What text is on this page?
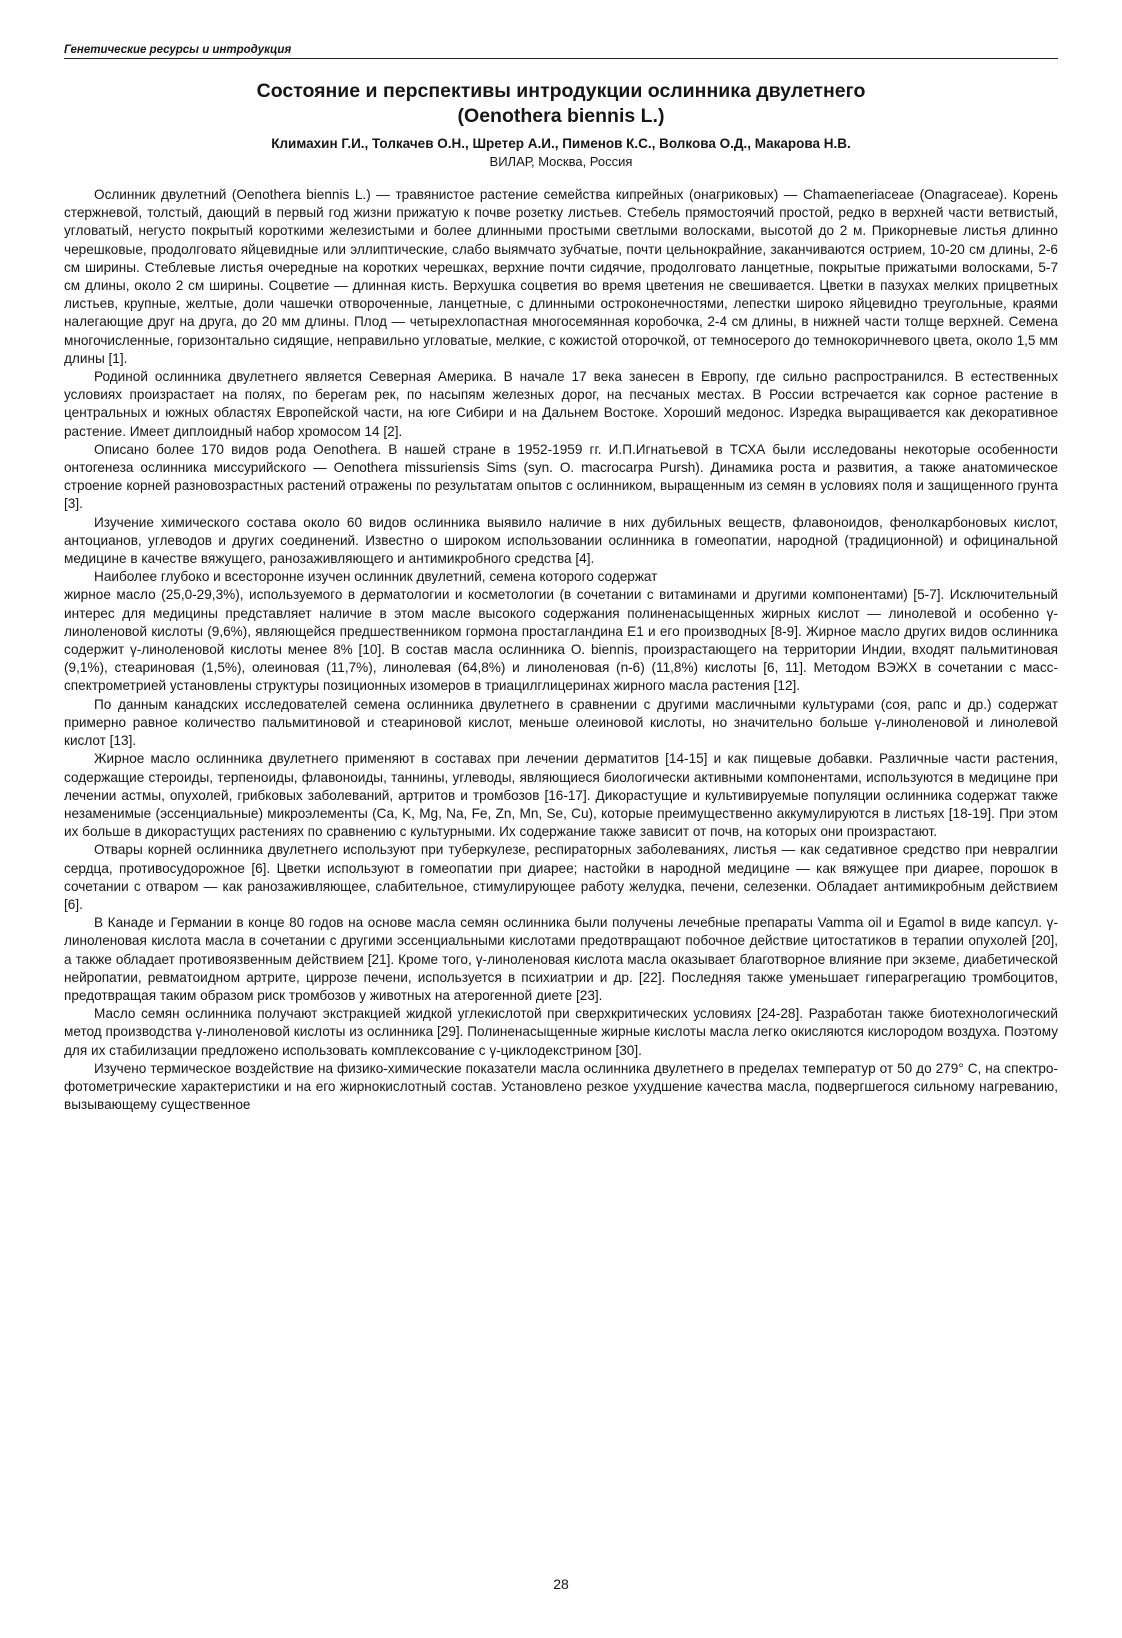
Генетические ресурсы и интродукция
Состояние и перспективы интродукции ослинника двулетнего
(Oenothera biennis L.)
Климахин Г.И., Толкачев О.Н., Шретер А.И., Пименов К.С., Волкова О.Д., Макарова Н.В.
ВИЛАР, Москва, Россия

Ослинник двулетний (Oenothera biennis L.) — травянистое растение семейства кипрейных (онагриковых) — Chamaeneriaceae (Onagraceae). Корень стержневой, толстый, дающий в первый год жизни прижатую к почве розетку листьев. Стебель прямостоячий простой, редко в верхней части ветвистый, угловатый, негусто покрытый короткими железистыми и более длинными простыми светлыми волосками, высотой до 2 м. Прикорневые листья длинно черешковые, продолговато яйцевидные или эллиптические, слабо выямчато зубчатые, почти цельнокрайние, заканчиваются острием, 10-20 см длины, 2-6 см ширины. Стеблевые листья очередные на коротких черешках, верхние почти сидячие, продолговато ланцетные, покрытые прижатыми волосками, 5-7 см длины, около 2 см ширины. Соцветие — длинная кисть. Верхушка соцветия во время цветения не свешивается. Цветки в пазухах мелких прицветных листьев, крупные, желтые, доли чашечки отвороченные, ланцетные, с длинными остроконечностями, лепестки широко яйцевидно треугольные, краями налегающие друг на друга, до 20 мм длины. Плод — четырехлопастная многосемянная коробочка, 2-4 см длины, в нижней части толще верхней. Семена многочисленные, горизонтально сидящие, неправильно угловатые, мелкие, с кожистой оторочкой, от темносерого до темнокоричневого цвета, около 1,5 мм длины [1].

Родиной ослинника двулетнего является Северная Америка. В начале 17 века занесен в Европу, где сильно распространился. В естественных условиях произрастает на полях, по берегам рек, по насыпям железных дорог, на песчаных местах. В России встречается как сорное растение в центральных и южных областях Европейской части, на юге Сибири и на Дальнем Востоке. Хороший медонос. Изредка выращивается как декоративное растение. Имеет диплоидный набор хромосом 14 [2].

Описано более 170 видов рода Oenothera. В нашей стране в 1952-1959 гг. И.П.Игнатьевой в ТСХА были исследованы некоторые особенности онтогенеза ослинника миссурийского — Oenothera missuriensis Sims (syn. O. macrocarpa Pursh). Динамика роста и развития, а также анатомическое строение корней разновозрастных растений отражены по результатам опытов с ослинником, выращенным из семян в условиях поля и защищенного грунта [3].

Изучение химического состава около 60 видов ослинника выявило наличие в них дубильных веществ, флавоноидов, фенолкарбоновых кислот, антоцианов, углеводов и других соединений. Известно о широком использовании ослинника в гомеопатии, народной (традиционной) и официнальной медицине в качестве вяжущего, ранозаживляющего и антимикробного средства [4].

Наиболее глубоко и всесторонне изучен ослинник двулетний, семена которого содержат

жирное масло (25,0-29,3%), используемого в дерматологии и косметологии (в сочетании с витаминами и другими компонентами) [5-7]. Исключительный интерес для медицины представляет наличие в этом масле высокого содержания полиненасыщенных жирных кислот — линолевой и особенно γ-линоленовой кислоты (9,6%), являющейся предшественником гормона простагландина E1 и его производных [8-9]. Жирное масло других видов ослинника содержит γ-линоленовой кислоты менее 8% [10]. В состав масла ослинника O. biennis, произрастающего на территории Индии, входят пальмитиновая (9,1%), стеариновая (1,5%), олеиновая (11,7%), линолевая (64,8%) и линоленовая (n-6) (11,8%) кислоты [6, 11]. Методом ВЭЖХ в сочетании с масс-спектрометрией установлены структуры позиционных изомеров в триацилглицеринах жирного масла растения [12].

По данным канадских исследователей семена ослинника двулетнего в сравнении с другими масличными культурами (соя, рапс и др.) содержат примерно равное количество пальмитиновой и стеариновой кислот, меньше олеиновой кислоты, но значительно больше γ-линоленовой и линолевой кислот [13].

Жирное масло ослинника двулетнего применяют в составах при лечении дерматитов [14-15] и как пищевые добавки. Различные части растения, содержащие стероиды, терпеноиды, флавоноиды, таннины, углеводы, являющиеся биологически активными компонентами, используются в медицине при лечении астмы, опухолей, грибковых заболеваний, артритов и тромбозов [16-17]. Дикорастущие и культивируемые популяции ослинника содержат также незаменимые (эссенциальные) микроэлементы (Ca, K, Mg, Na, Fe, Zn, Mn, Se, Cu), которые преимущественно аккумулируются в листьях [18-19]. При этом их больше в дикорастущих растениях по сравнению с культурными. Их содержание также зависит от почв, на которых они произрастают.

Отвары корней ослинника двулетнего используют при туберкулезе, респираторных заболеваниях, листья — как седативное средство при невралгии сердца, противосудорожное [6]. Цветки используют в гомеопатии при диарее; настойки в народной медицине — как вяжущее при диарее, порошок в сочетании с отваром — как ранозаживляющее, слабительное, стимулирующее работу желудка, печени, селезенки. Обладает антимикробным действием [6].

В Канаде и Германии в конце 80 годов на основе масла семян ослинника были получены лечебные препараты Vamma oil и Egamol в виде капсул. γ-линоленовая кислота масла в сочетании с другими эссенциальными кислотами предотвращают побочное действие цитостатиков в терапии опухолей [20], а также обладает противоязвенным действием [21]. Кроме того, γ-линоленовая кислота масла оказывает благотворное влияние при экземе, диабетической нейропатии, ревматоидном артрите, циррозе печени, используется в психиатрии и др. [22]. Последняя также уменьшает гиперагрегацию тромбоцитов, предотвращая таким образом риск тромбозов у животных на атерогенной диете [23].

Масло семян ослинника получают экстракцией жидкой углекислотой при сверхкритических условиях [24-28]. Разработан также биотехнологический метод производства γ-линоленовой кислоты из ослинника [29]. Полиненасыщенные жирные кислоты масла легко окисляются кислородом воздуха. Поэтому для их стабилизации предложено использовать комплексование с γ-циклодекстрином [30].

Изучено термическое воздействие на физико-химические показатели масла ослинника двулетнего в пределах температур от 50 до 279° С, на спектро-фотометрические характеристики и на его жирнокислотный состав. Установлено резкое ухудшение качества масла, подвергшегося сильному нагреванию, вызывающему существенное

28
